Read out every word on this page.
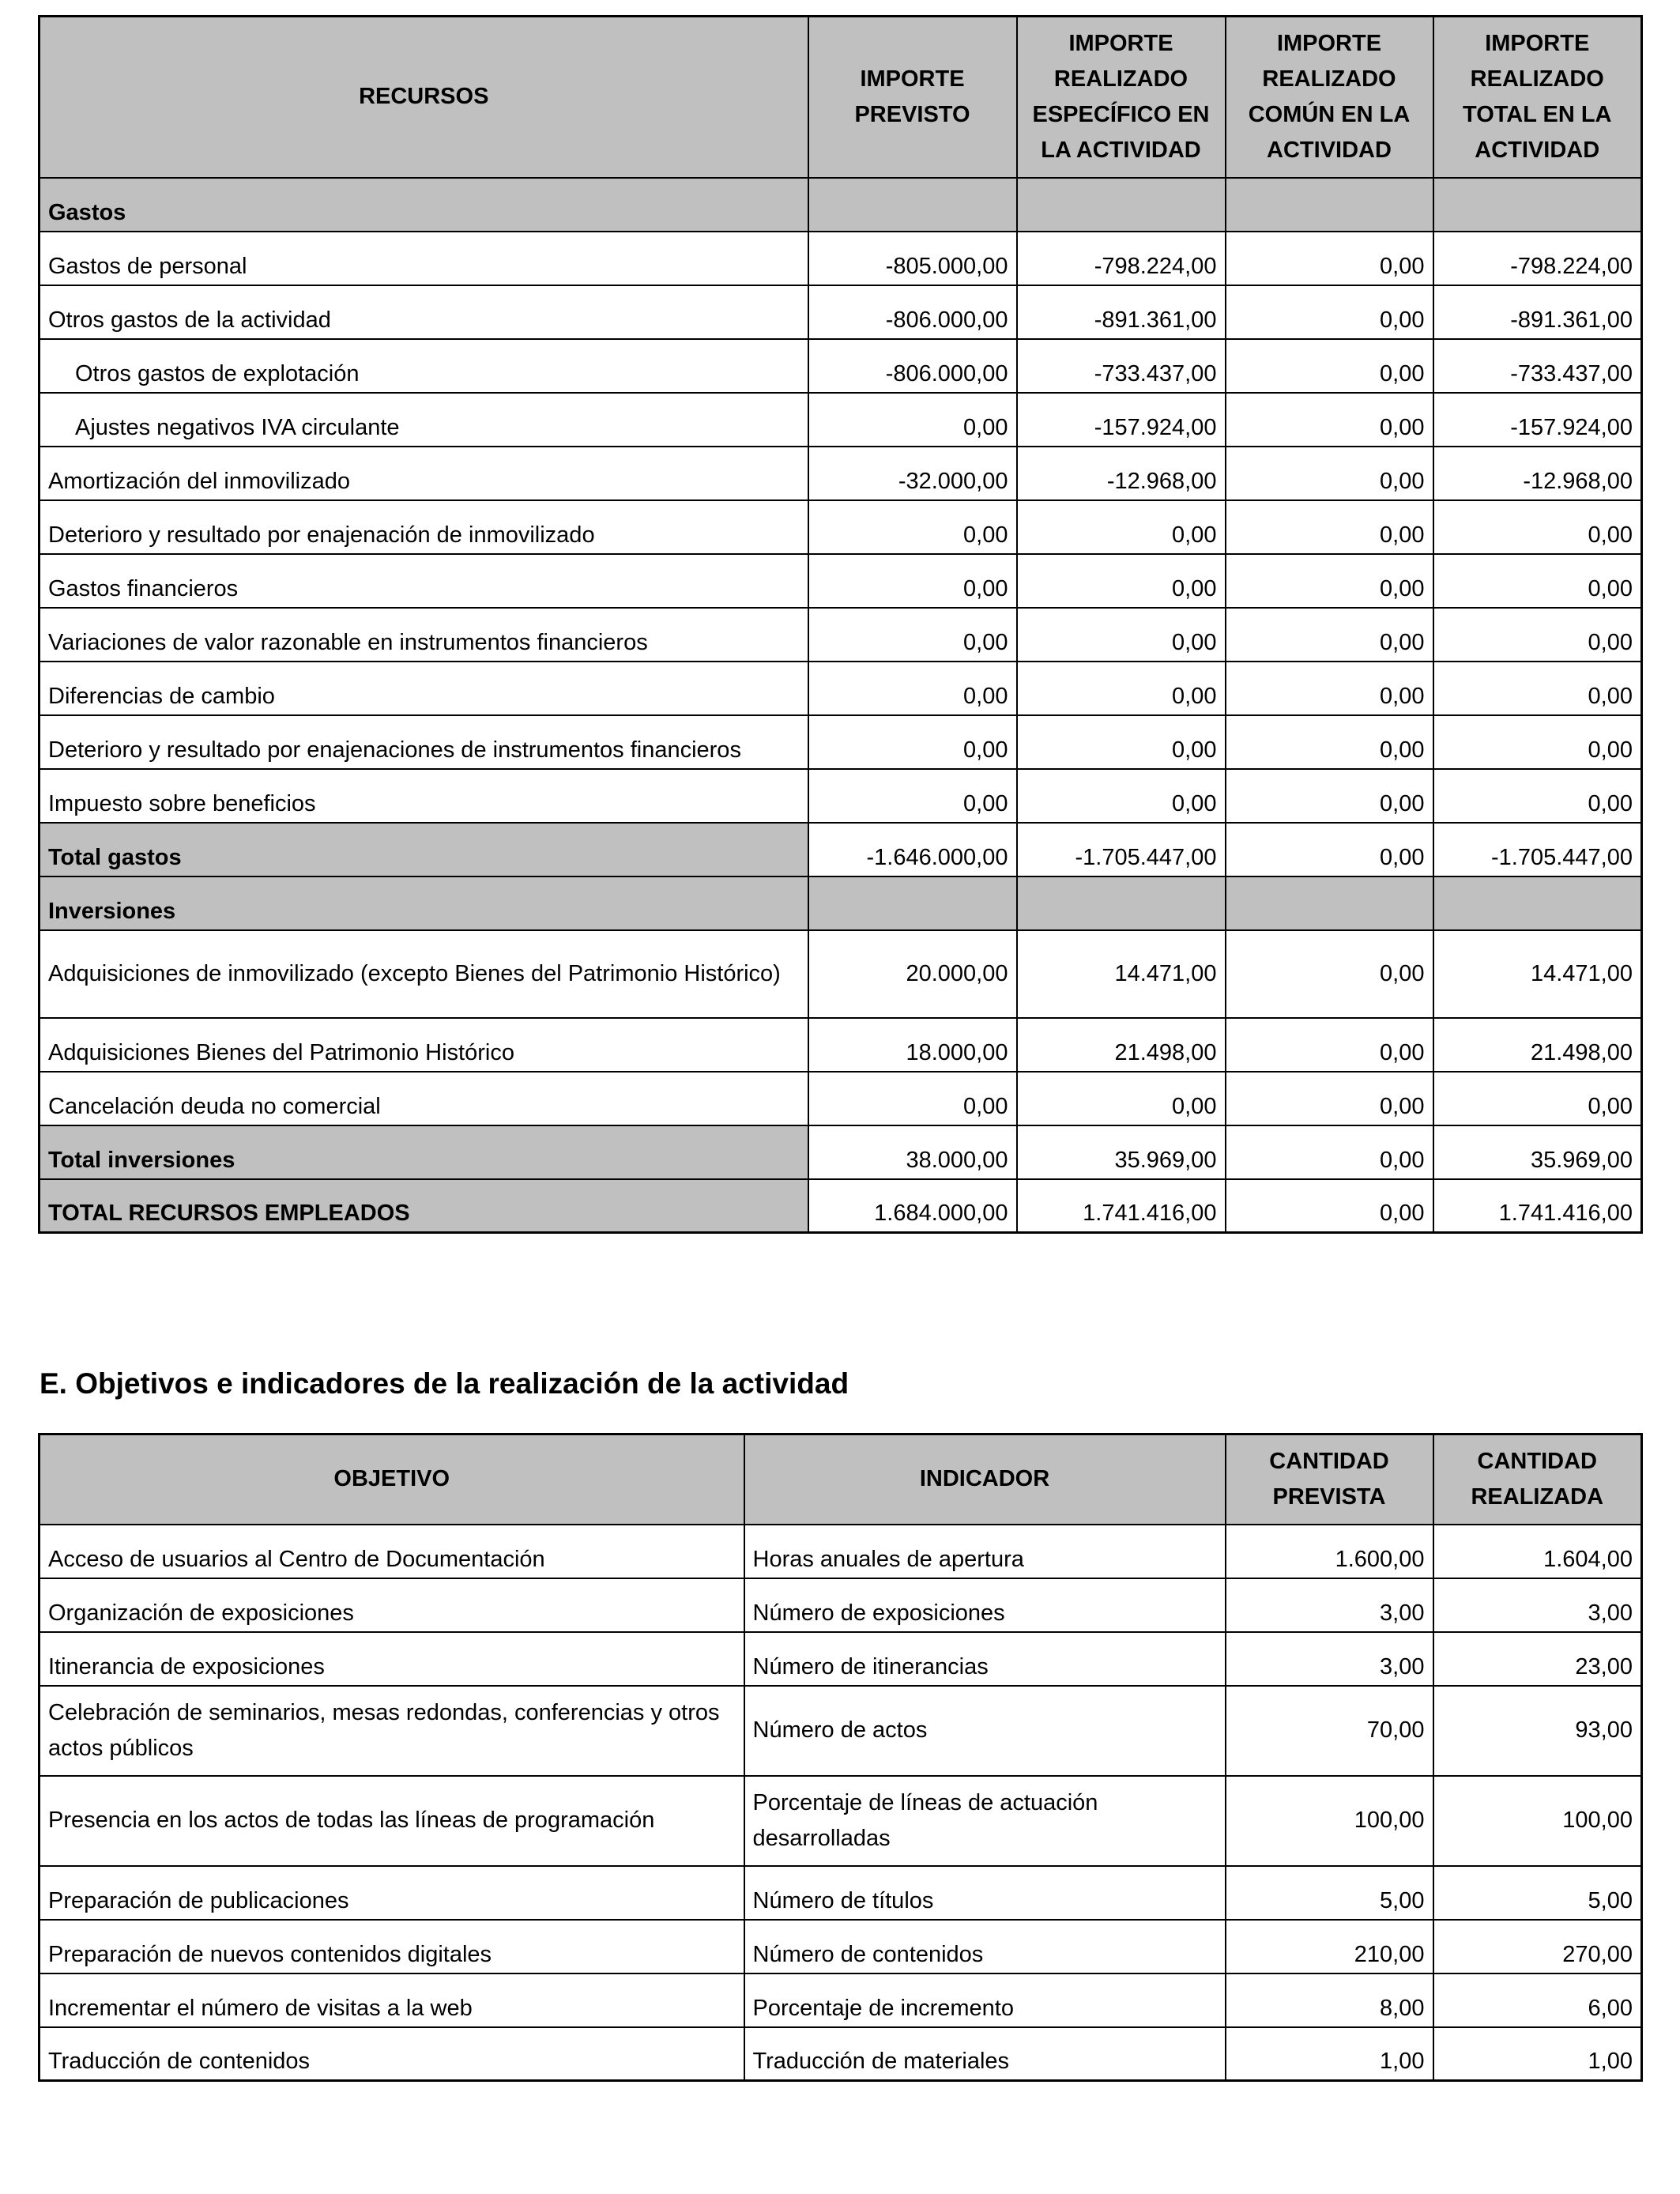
RECURSOS	IMPORTE PREVISTO	IMPORTE REALIZADO ESPECÍFICO EN LA ACTIVIDAD	IMPORTE REALIZADO COMÚN EN LA ACTIVIDAD	IMPORTE REALIZADO TOTAL EN LA ACTIVIDAD
Gastos				
Gastos de personal	-805.000,00	-798.224,00	0,00	-798.224,00
Otros gastos de la actividad	-806.000,00	-891.361,00	0,00	-891.361,00
Otros gastos de explotación	-806.000,00	-733.437,00	0,00	-733.437,00
Ajustes negativos IVA circulante	0,00	-157.924,00	0,00	-157.924,00
Amortización del inmovilizado	-32.000,00	-12.968,00	0,00	-12.968,00
Deterioro y resultado por enajenación de inmovilizado	0,00	0,00	0,00	0,00
Gastos financieros	0,00	0,00	0,00	0,00
Variaciones de valor razonable en instrumentos financieros	0,00	0,00	0,00	0,00
Diferencias de cambio	0,00	0,00	0,00	0,00
Deterioro y resultado por enajenaciones de instrumentos financieros	0,00	0,00	0,00	0,00
Impuesto sobre beneficios	0,00	0,00	0,00	0,00
Total gastos	-1.646.000,00	-1.705.447,00	0,00	-1.705.447,00
Inversiones				
Adquisiciones de inmovilizado (excepto Bienes del Patrimonio Histórico)	20.000,00	14.471,00	0,00	14.471,00
Adquisiciones Bienes del Patrimonio Histórico	18.000,00	21.498,00	0,00	21.498,00
Cancelación deuda no comercial	0,00	0,00	0,00	0,00
Total inversiones	38.000,00	35.969,00	0,00	35.969,00
TOTAL RECURSOS EMPLEADOS	1.684.000,00	1.741.416,00	0,00	1.741.416,00
E. Objetivos e indicadores de la realización de la actividad
OBJETIVO	INDICADOR	CANTIDAD PREVISTA	CANTIDAD REALIZADA
Acceso de usuarios al Centro de Documentación	Horas anuales de apertura	1.600,00	1.604,00
Organización de exposiciones	Número de exposiciones	3,00	3,00
Itinerancia de exposiciones	Número de itinerancias	3,00	23,00
Celebración de seminarios, mesas redondas, conferencias y otros actos públicos	Número de actos	70,00	93,00
Presencia en los actos de todas las líneas de programación	Porcentaje de líneas de actuación desarrolladas	100,00	100,00
Preparación de publicaciones	Número de títulos	5,00	5,00
Preparación de nuevos contenidos digitales	Número de contenidos	210,00	270,00
Incrementar el número de visitas a la web	Porcentaje de incremento	8,00	6,00
Traducción de contenidos	Traducción de materiales	1,00	1,00
